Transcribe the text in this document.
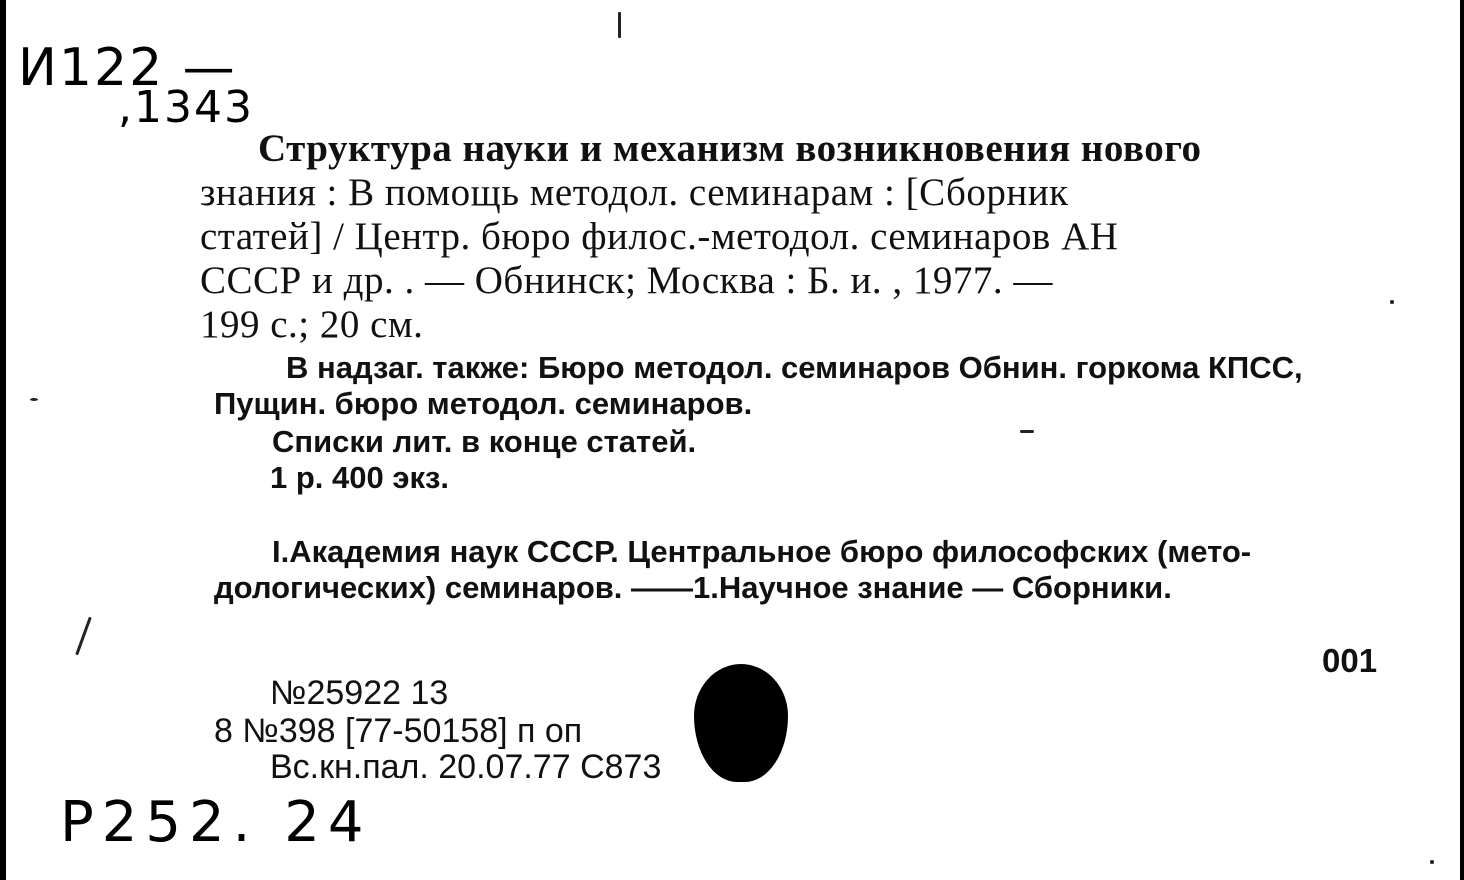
И122 —
,1343
Структура науки и механизм возникновения нового
знания : В помощь методол. семинарам : [Сборник
статей] / Центр. бюро филос.-методол. семинаров АН
СССР и др. . — Обнинск; Москва : Б. и. , 1977. —
199 с.; 20 см.
В надзаг. также: Бюро методол. семинаров Обнин. горкома КПСС,
Пущин. бюро методол. семинаров.
Списки лит. в конце статей.
1 р. 400 экз.
I.Академия наук СССР. Центральное бюро философских (мето-
дологических) семинаров. ——1.Научное знание — Сборники.
001
№25922 13
8 №398 [77-50158] п оп
Вс.кн.пал. 20.07.77 С873
P252. 24
